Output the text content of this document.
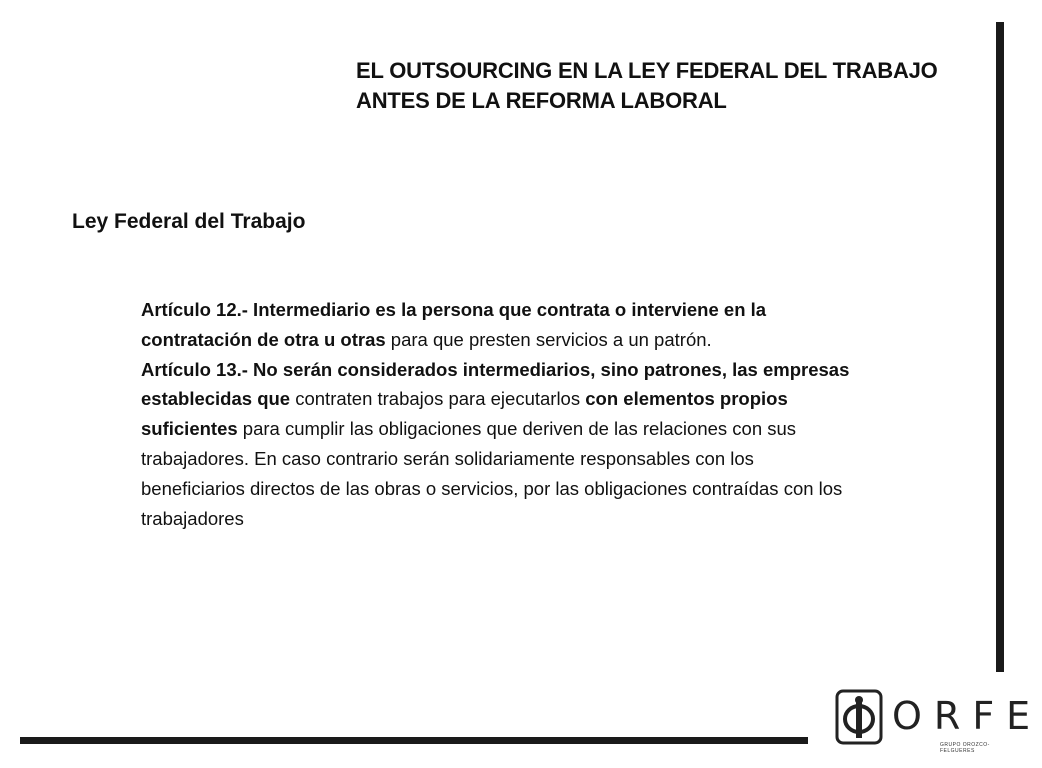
EL OUTSOURCING EN LA LEY FEDERAL DEL TRABAJO
ANTES DE LA REFORMA LABORAL
Ley Federal del Trabajo

Artículo 12.- Intermediario es la persona que contrata o interviene en la contratación de otra u otras para que presten servicios a un patrón.

Artículo 13.- No serán considerados intermediarios, sino patrones, las empresas establecidas que contraten trabajos para ejecutarlos con elementos propios suficientes para cumplir las obligaciones que deriven de las relaciones con sus trabajadores. En caso contrario serán solidariamente responsables con los beneficiarios directos de las obras o servicios, por las obligaciones contraídas con los trabajadores

ORFE
GRUPO OROZCO-FELGUERES
